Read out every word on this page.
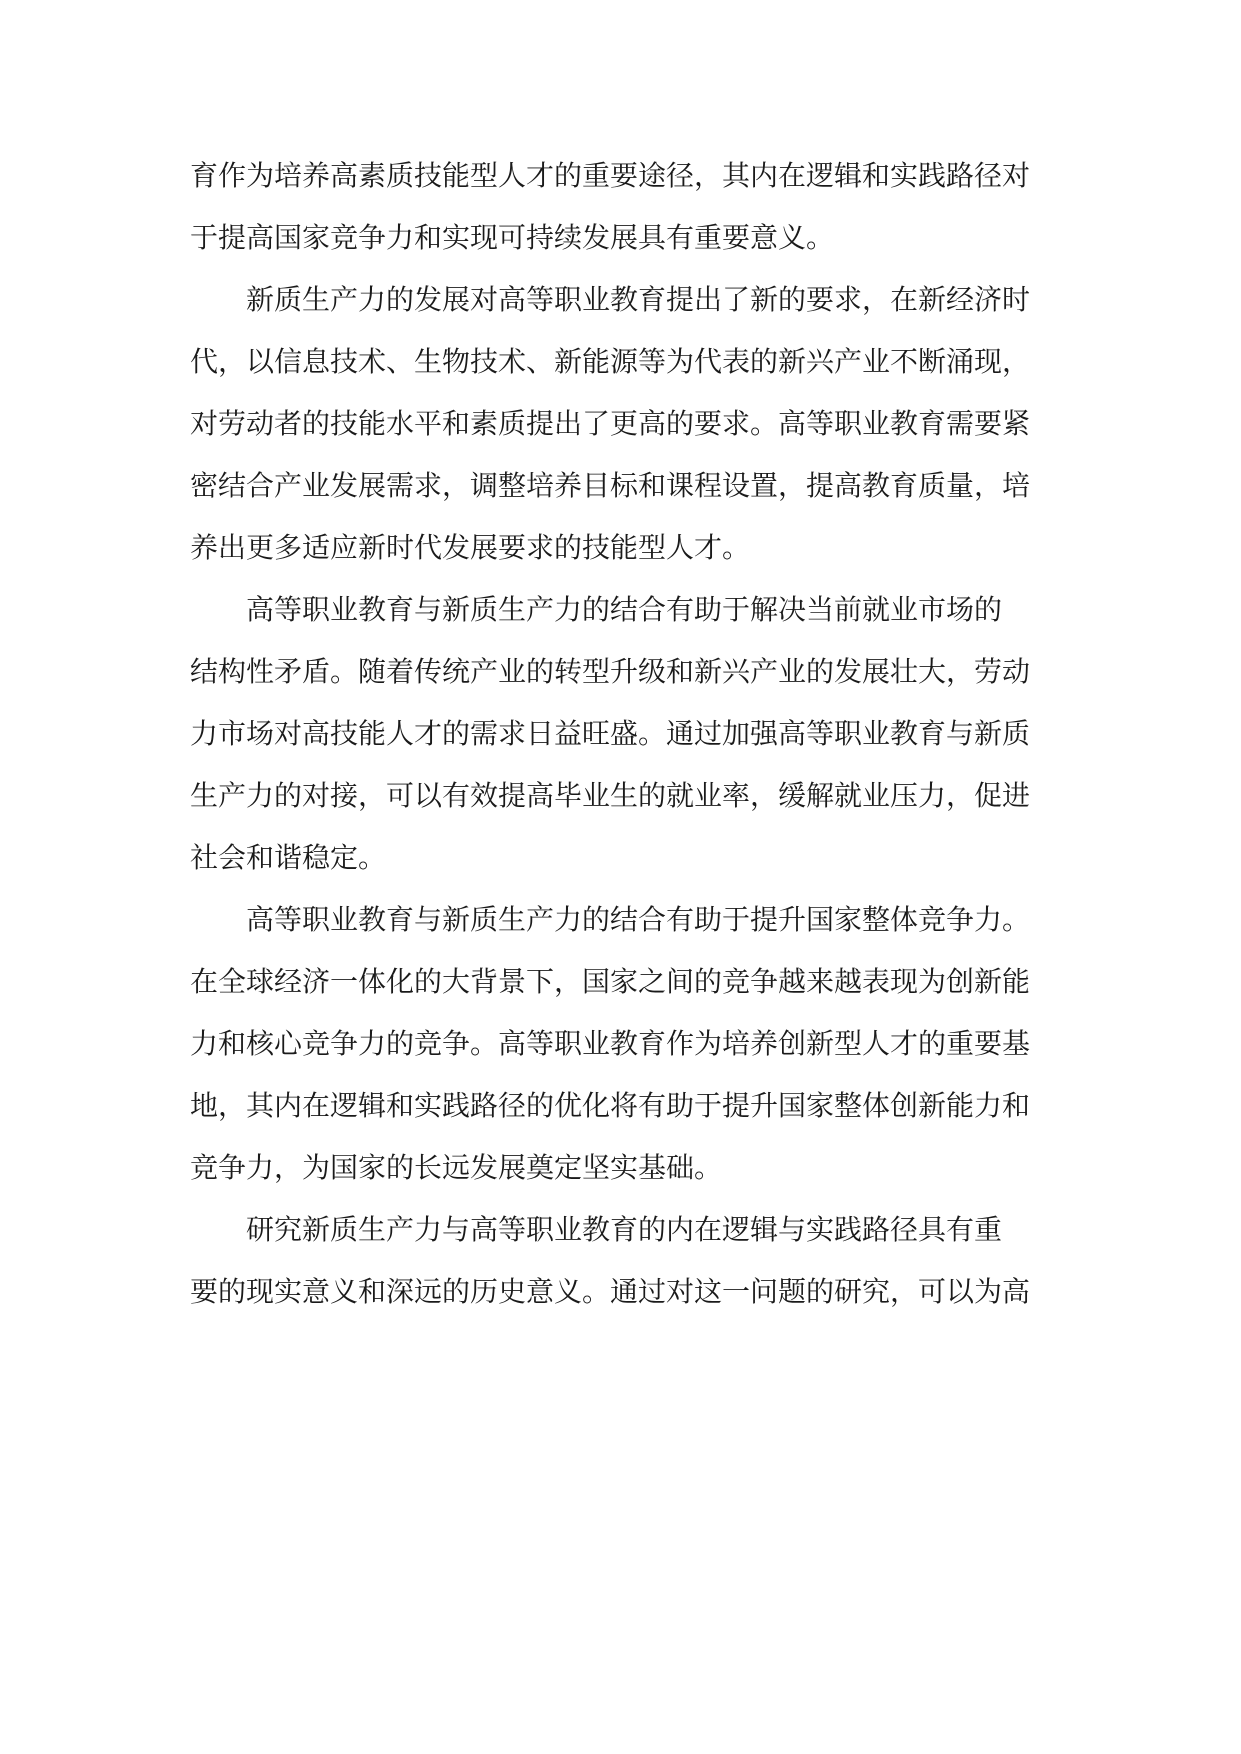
育作为培养高素质技能型人才的重要途径，其内在逻辑和实践路径对
于提高国家竞争力和实现可持续发展具有重要意义。
新质生产力的发展对高等职业教育提出了新的要求，在新经济时
代，以信息技术、生物技术、新能源等为代表的新兴产业不断涌现，
对劳动者的技能水平和素质提出了更高的要求。高等职业教育需要紧
密结合产业发展需求，调整培养目标和课程设置，提高教育质量，培
养出更多适应新时代发展要求的技能型人才。
高等职业教育与新质生产力的结合有助于解决当前就业市场的
结构性矛盾。随着传统产业的转型升级和新兴产业的发展壮大，劳动
力市场对高技能人才的需求日益旺盛。通过加强高等职业教育与新质
生产力的对接，可以有效提高毕业生的就业率，缓解就业压力，促进
社会和谐稳定。
高等职业教育与新质生产力的结合有助于提升国家整体竞争力。
在全球经济一体化的大背景下，国家之间的竞争越来越表现为创新能
力和核心竞争力的竞争。高等职业教育作为培养创新型人才的重要基
地，其内在逻辑和实践路径的优化将有助于提升国家整体创新能力和
竞争力，为国家的长远发展奠定坚实基础。
研究新质生产力与高等职业教育的内在逻辑与实践路径具有重
要的现实意义和深远的历史意义。通过对这一问题的研究，可以为高
